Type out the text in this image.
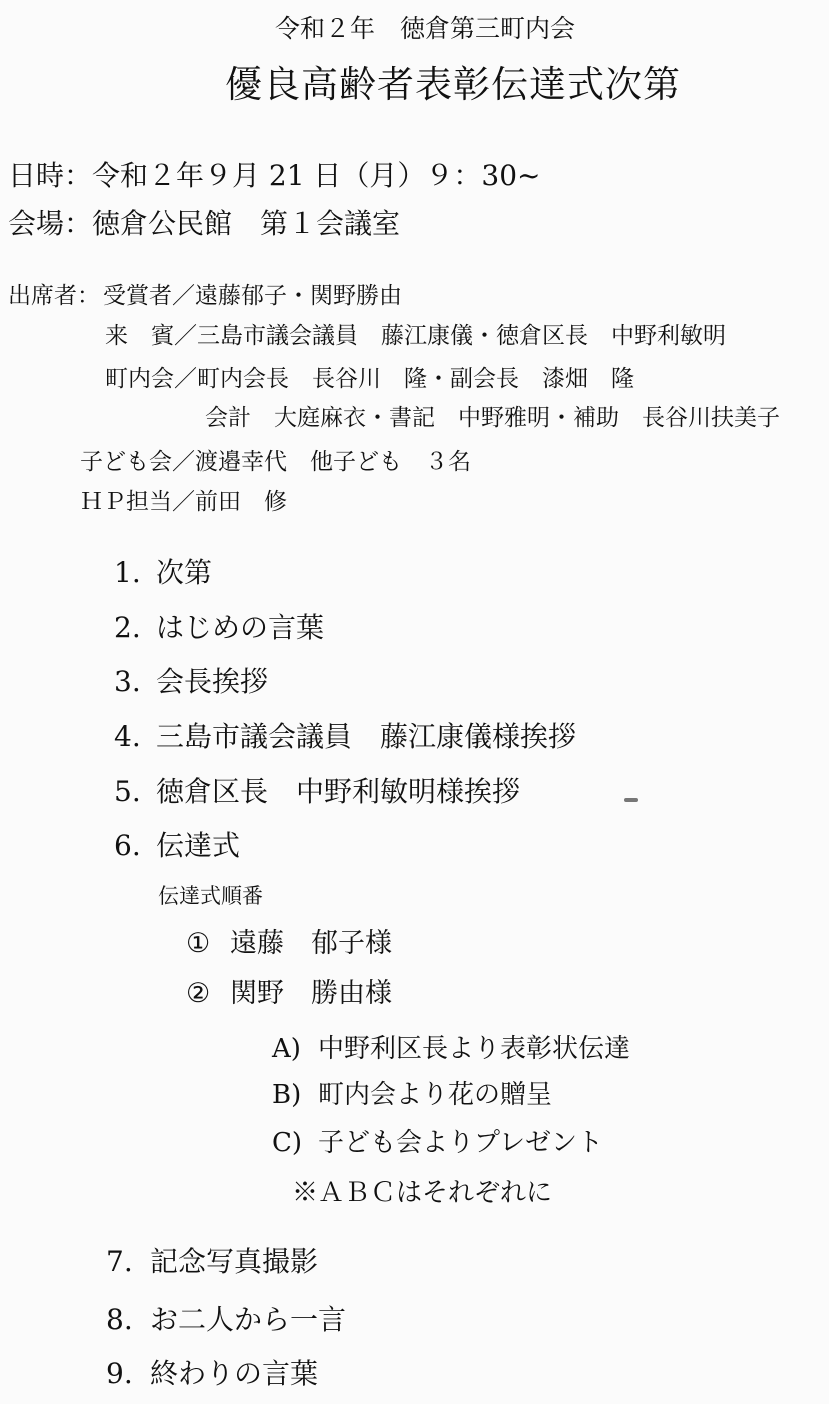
令和２年　徳倉第三町内会
優良高齢者表彰伝達式次第
日時：令和２年９月 21 日（月）９：30~
会場：徳倉公民館　第１会議室
出席者： 受賞者／遠藤郁子・関野勝由
来　賓／三島市議会議員　藤江康儀・徳倉区長　中野利敏明
町内会／町内会長　長谷川　隆・副会長　漆畑　隆
会計　大庭麻衣・書記　中野雅明・補助　長谷川扶美子
子ども会／渡邉幸代　他子ども　３名
ＨＰ担当／前田　修
1. 次第
2. はじめの言葉
3. 会長挨拶
4. 三島市議会議員　藤江康儀様挨拶
5. 徳倉区長　中野利敏明様挨拶
6. 伝達式
伝達式順番
① 遠藤　郁子様
② 関野　勝由様
A) 中野利区長より表彰状伝達
B) 町内会より花の贈呈
C) 子ども会よりプレゼント
※ＡＢＣはそれぞれに
7. 記念写真撮影
8. お二人から一言
9. 終わりの言葉
